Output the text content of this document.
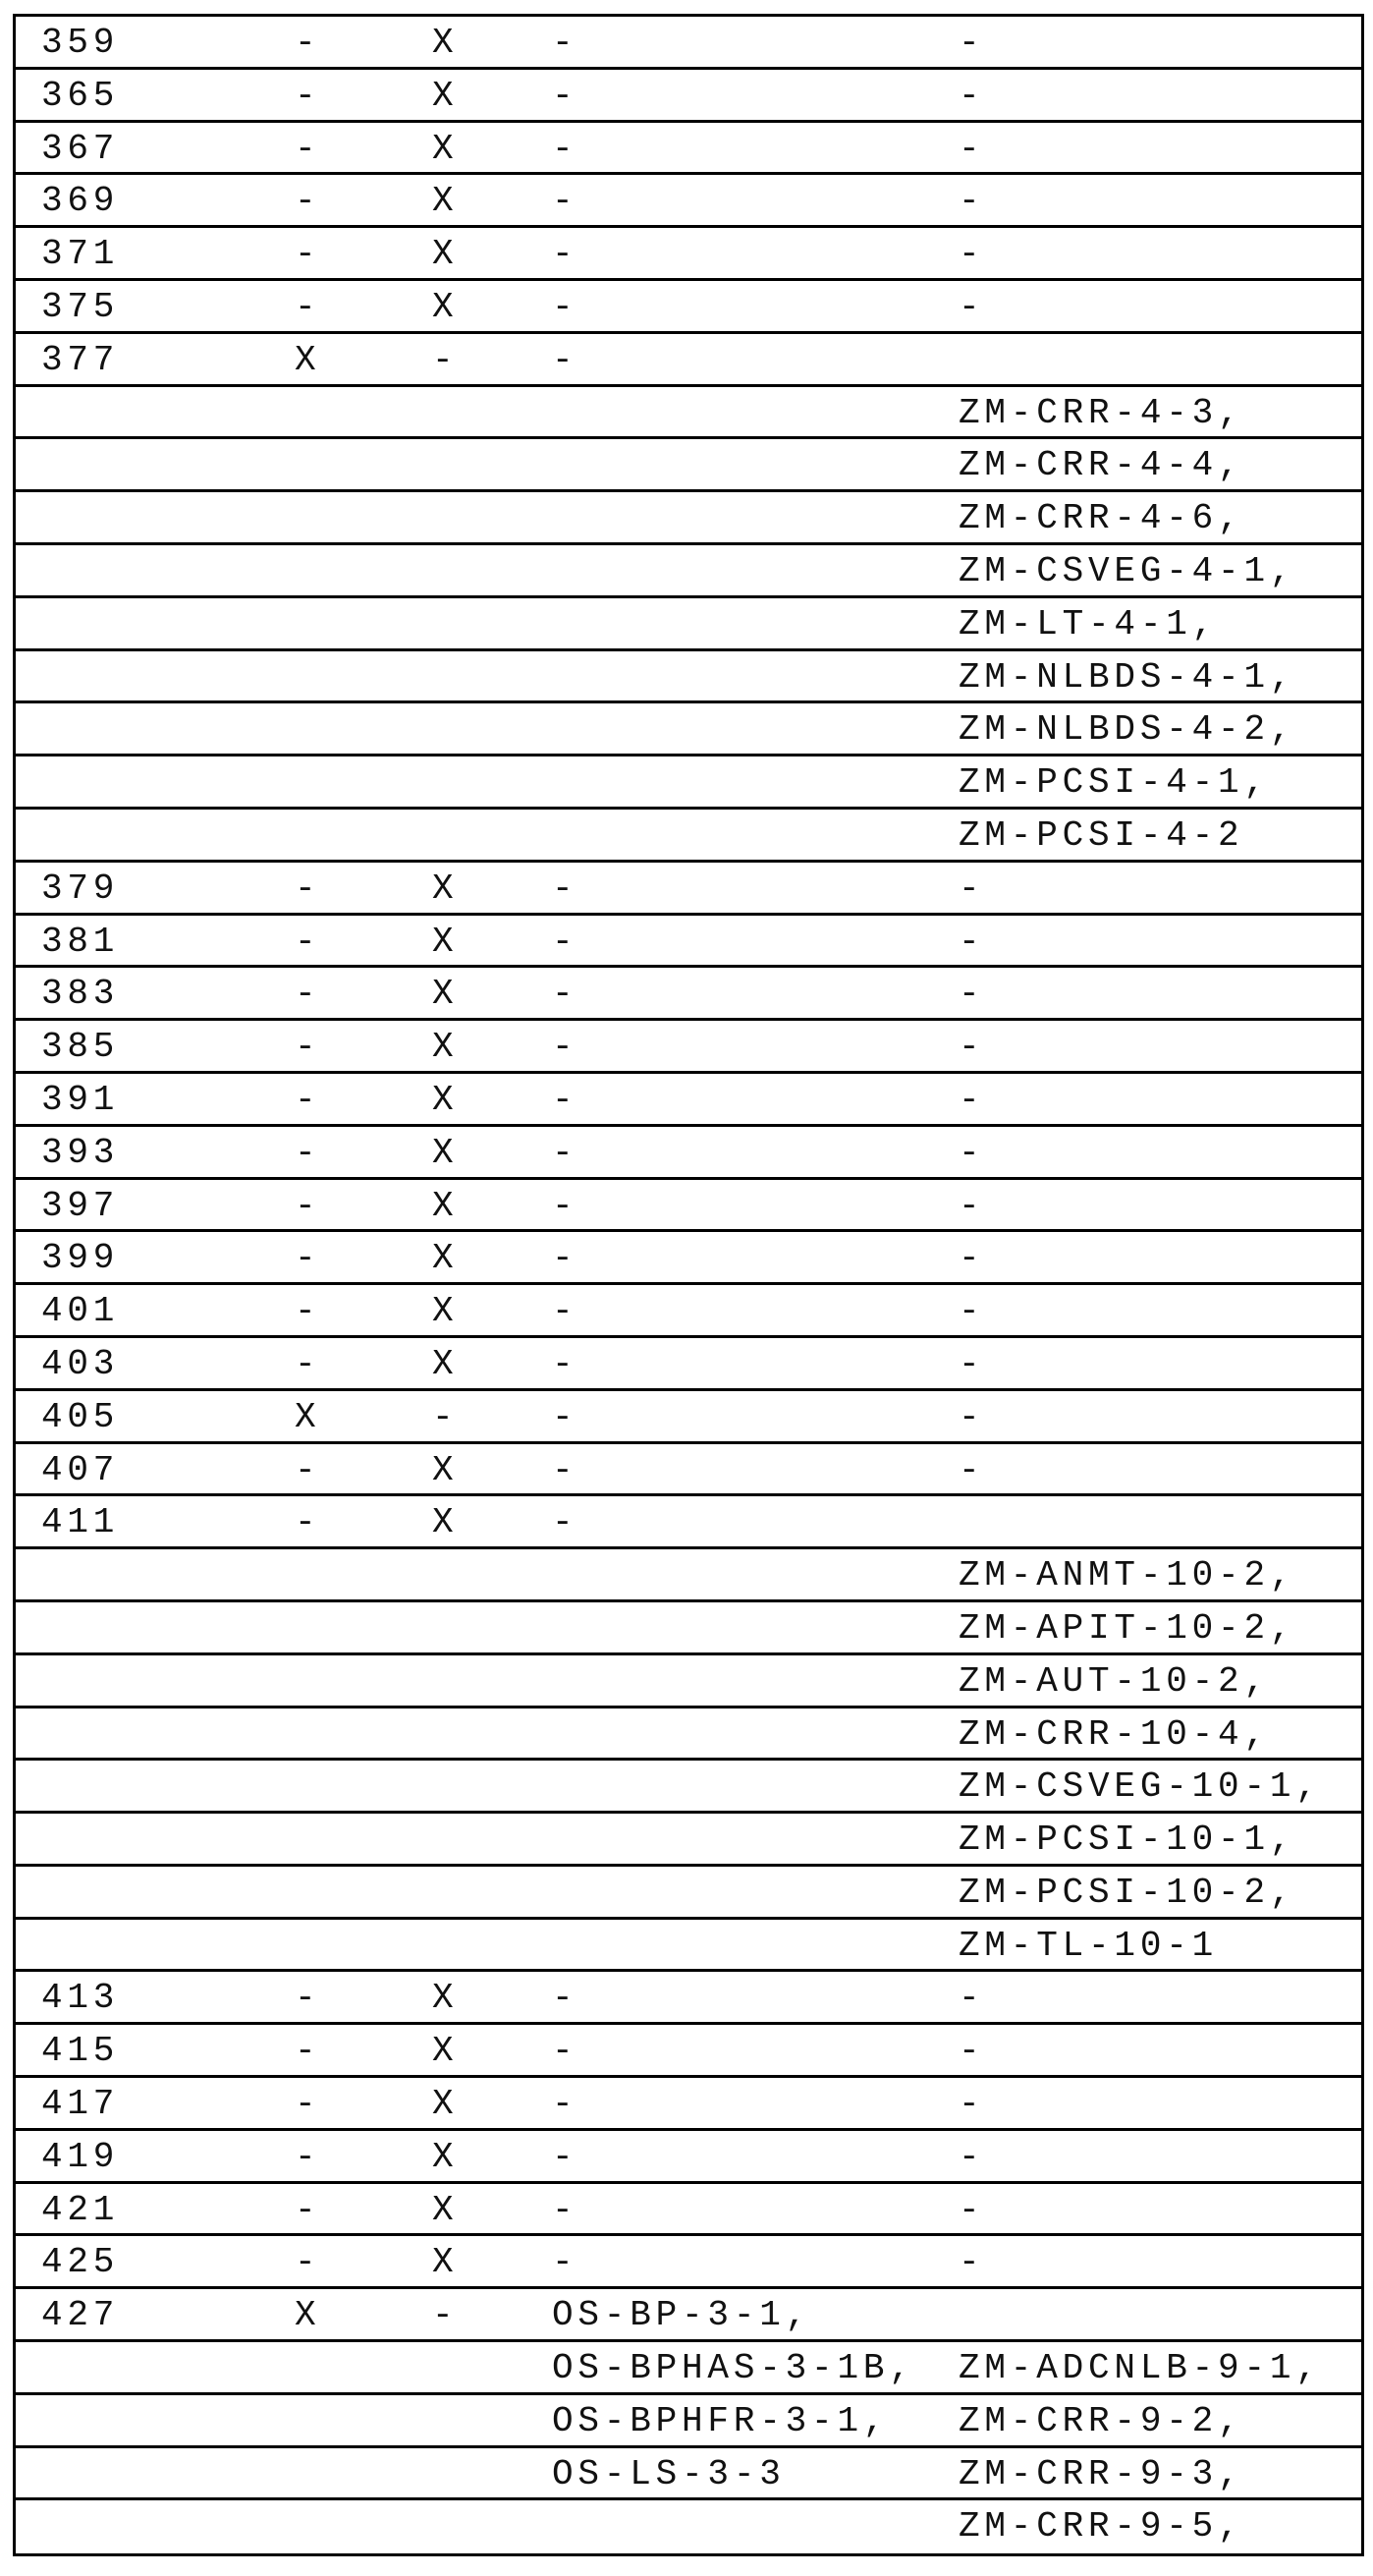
359	-	X	-	-
365	-	X	-	-
367	-	X	-	-
369	-	X	-	-
371	-	X	-	-
375	-	X	-	-
377	X	-	-
ZM-CRR-4-3,
ZM-CRR-4-4,
ZM-CRR-4-6,
ZM-CSVEG-4-1,
ZM-LT-4-1,
ZM-NLBDS-4-1,
ZM-NLBDS-4-2,
ZM-PCSI-4-1,
ZM-PCSI-4-2
379	-	X	-	-
381	-	X	-	-
383	-	X	-	-
385	-	X	-	-
391	-	X	-	-
393	-	X	-	-
397	-	X	-	-
399	-	X	-	-
401	-	X	-	-
403	-	X	-	-
405	X	-	-	-
407	-	X	-	-
411	-	X	-
ZM-ANMT-10-2,
ZM-APIT-10-2,
ZM-AUT-10-2,
ZM-CRR-10-4,
ZM-CSVEG-10-1,
ZM-PCSI-10-1,
ZM-PCSI-10-2,
ZM-TL-10-1
413	-	X	-	-
415	-	X	-	-
417	-	X	-	-
419	-	X	-	-
421	-	X	-	-
425	-	X	-	-
427	X	-	OS-BP-3-1,
OS-BPHAS-3-1B, ZM-ADCNLB-9-1,
OS-BPHFR-3-1, ZM-CRR-9-2,
OS-LS-3-3	ZM-CRR-9-3,
ZM-CRR-9-5,
